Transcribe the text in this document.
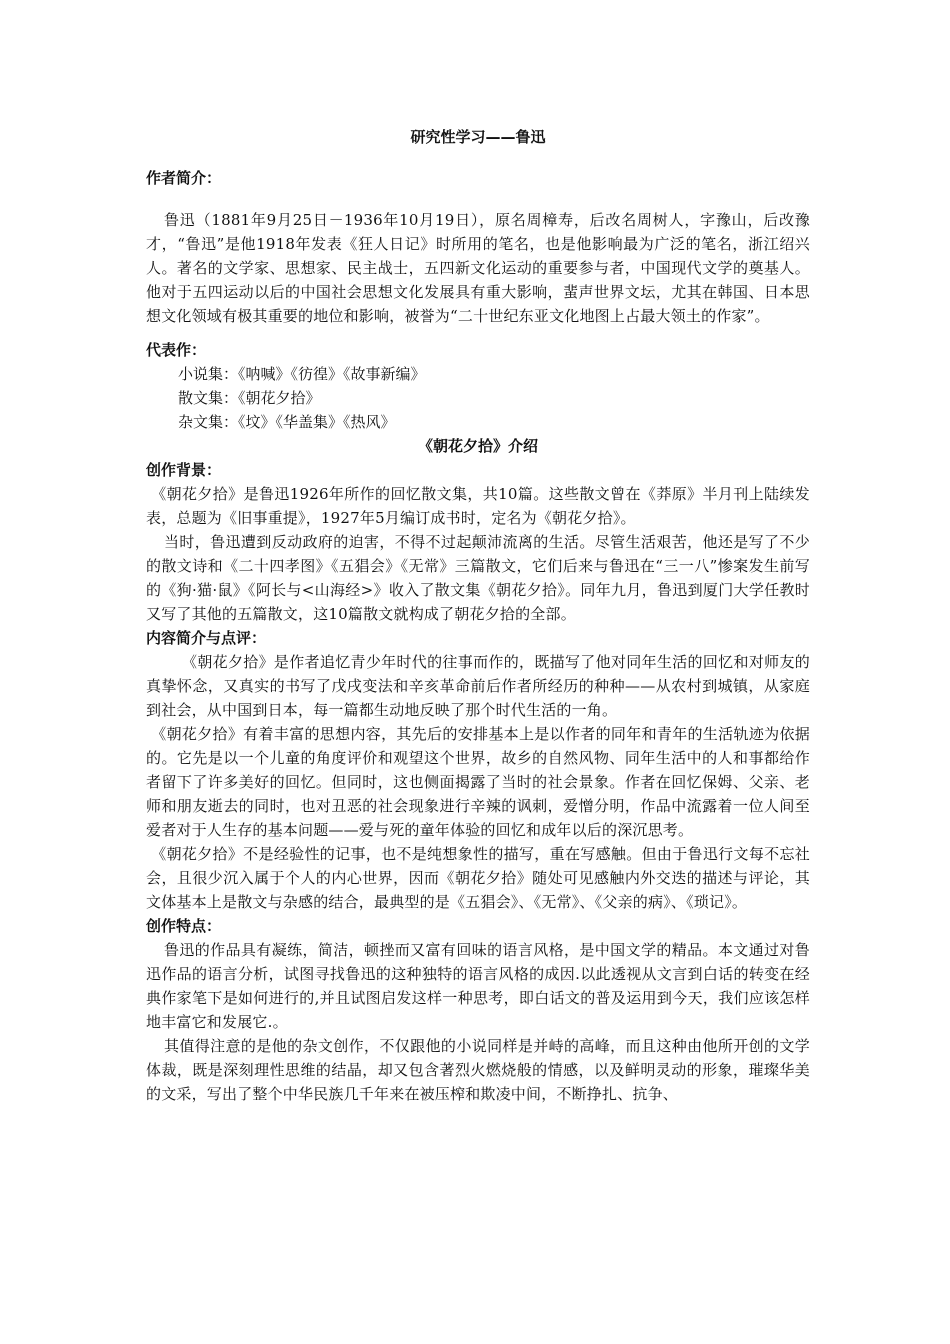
研究性学习——鲁迅
作者简介：

鲁迅（1881年9月25日－1936年10月19日），原名周樟寿，后改名周树人，字豫山，后改豫才，“鲁迅”是他1918年发表《狂人日记》时所用的笔名，也是他影响最为广泛的笔名，浙江绍兴人。著名的文学家、思想家、民主战士，五四新文化运动的重要参与者，中国现代文学的奠基人。他对于五四运动以后的中国社会思想文化发展具有重大影响，蜚声世界文坛，尤其在韩国、日本思想文化领域有极其重要的地位和影响，被誉为“二十世纪东亚文化地图上占最大领土的作家”。

代表作：

小说集：《呐喊》《彷徨》《故事新编》

散文集：《朝花夕拾》

杂文集：《坟》《华盖集》《热风》

《朝花夕拾》介绍
创作背景：

《朝花夕拾》是鲁迅1926年所作的回忆散文集，共10篇。这些散文曾在《莽原》半月刊上陆续发表，总题为《旧事重提》，1927年5月编订成书时，定名为《朝花夕拾》。

当时，鲁迅遭到反动政府的迫害，不得不过起颠沛流离的生活。尽管生活艰苦，他还是写了不少的散文诗和《二十四孝图》《五猖会》《无常》三篇散文，它们后来与鲁迅在“三一八”惨案发生前写的《狗·猫·鼠》《阿长与<山海经>》收入了散文集《朝花夕拾》。同年九月，鲁迅到厦门大学任教时又写了其他的五篇散文，这10篇散文就构成了朝花夕拾的全部。

内容简介与点评：

《朝花夕拾》是作者追忆青少年时代的往事而作的，既描写了他对同年生活的回忆和对师友的真挚怀念，又真实的书写了戊戌变法和辛亥革命前后作者所经历的种种——从农村到城镇，从家庭到社会，从中国到日本，每一篇都生动地反映了那个时代生活的一角。

《朝花夕拾》有着丰富的思想内容，其先后的安排基本上是以作者的同年和青年的生活轨迹为依据的。它先是以一个儿童的角度评价和观望这个世界，故乡的自然风物、同年生活中的人和事都给作者留下了许多美好的回忆。但同时，这也侧面揭露了当时的社会景象。作者在回忆保姆、父亲、老师和朋友逝去的同时，也对丑恶的社会现象进行辛辣的讽刺，爱憎分明，作品中流露着一位人间至爱者对于人生存的基本问题——爱与死的童年体验的回忆和成年以后的深沉思考。

《朝花夕拾》不是经验性的记事，也不是纯想象性的描写，重在写感触。但由于鲁迅行文每不忘社会，且很少沉入属于个人的内心世界，因而《朝花夕拾》随处可见感触内外交迭的描述与评论，其文体基本上是散文与杂感的结合，最典型的是《五猖会》、《无常》、《父亲的病》、《琐记》。

创作特点：

鲁迅的作品具有凝练，简洁，顿挫而又富有回味的语言风格，是中国文学的精品。本文通过对鲁迅作品的语言分析，试图寻找鲁迅的这种独特的语言风格的成因.以此透视从文言到白话的转变在经典作家笔下是如何进行的,并且试图启发这样一种思考，即白话文的普及运用到今天，我们应该怎样地丰富它和发展它.。

其值得注意的是他的杂文创作，不仅跟他的小说同样是并峙的高峰，而且这种由他所开创的文学体裁，既是深刻理性思维的结晶，却又包含著烈火燃烧般的情感，以及鲜明灵动的形象，璀璨华美的文采，写出了整个中华民族几千年来在被压榨和欺凌中间，不断挣扎、抗争、
